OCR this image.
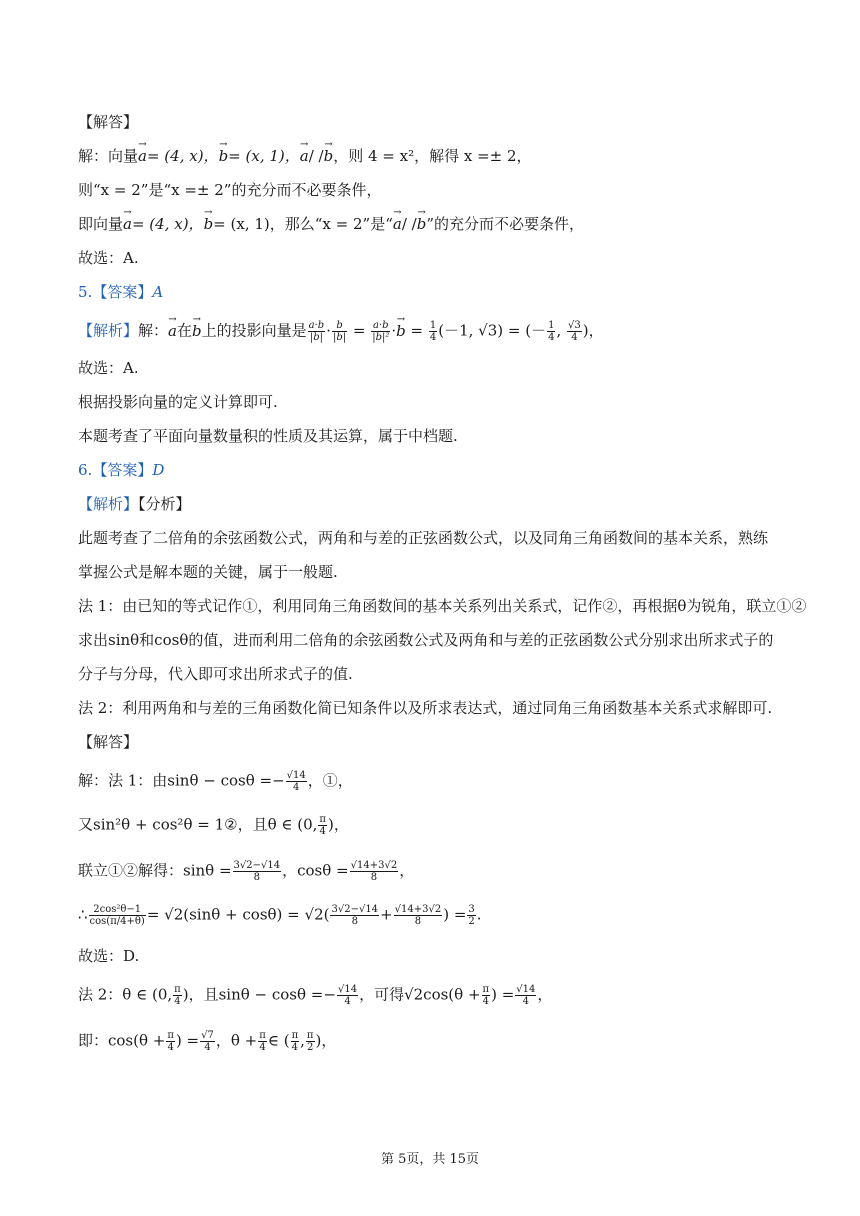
【解答】
解：向量→ a= (4, x)，→ b= (x, 1)，→ a/ /→ b，则 4 = x²，解得 x =± 2，
则“x = 2”是“x =± 2”的充分而不必要条件，
即向量→ a= (4, x)，→ b= (x, 1)，那么“x = 2”是“→ a/ /→ b”的充分而不必要条件，
故选：A.
5.【答案】A
【解析】解：→ a在→ b上的投影向量是 $\frac{a\cdot b}{|b|} \cdot \frac{b}{|b|} = \frac{a\cdot b}{\text{|b|²}} \cdot\to b = \frac{1}{4} (-1$, √3) = (－ $\frac{1}{4}$ , $\frac{√3}{4}$ )，
故选：A.
根据投影向量的定义计算即可.
本题考查了平面向量数量积的性质及其运算，属于中档题.
6.【答案】D
【解析】【分析】
此题考查了二倍角的余弦函数公式，两角和与差的正弦函数公式，以及同角三角函数间的基本关系，熟练
掌握公式是解本题的关键，属于一般题.
法 1：由已知的等式记作①，利用同角三角函数间的基本关系列出关系式，记作②，再根据θ为锐角，联立①②
求出sinθ和cosθ的值，进而利用二倍角的余弦函数公式及两角和与差的正弦函数公式分别求出所求式子的
分子与分母，代入即可求出所求式子的值.
法 2：利用两角和与差的三角函数化简已知条件以及所求表达式，通过同角三角函数基本关系式求解即可.
【解答】
解：法 1：由$\sin\theta - \cos\theta =- \frac{√14}{4}$ ，①，
又sin²θ + cos²θ = 1②，且θ ∈ (0, $\frac{\pi}{4}$ )，
联立①②解得：$\sin\theta = \frac{3√2-√14}{8}$ ，$\cos\theta = \frac{√14+3√2}{8}$ ，
∴ $\frac{\text{2cos²θ−1}}{\cos(\pi/4+\theta)} = √2(\sin\theta + \cos\theta) = √2( \frac{3√2-√14}{8} + \frac{√14+3√2}{8}$ ) = $\frac{3}{2}$ .
故选：D.
法 2：θ ∈ (0, $\frac{\pi}{4}$ )，且$\sin\theta - \cos\theta =- \frac{√14}{4}$ ，可得$√2\cos(\theta + \frac{\pi}{4}$ ) = $\frac{√14}{4}$ ，
即：$\cos(\theta + \frac{\pi}{4}$ ) = $\frac{√7}{4}$ ，$\theta + \frac{\pi}{4}$ ∈ ( $\frac{\pi}{4}$ , $\frac{\pi}{2}$ )，
第 5页，共 15页
